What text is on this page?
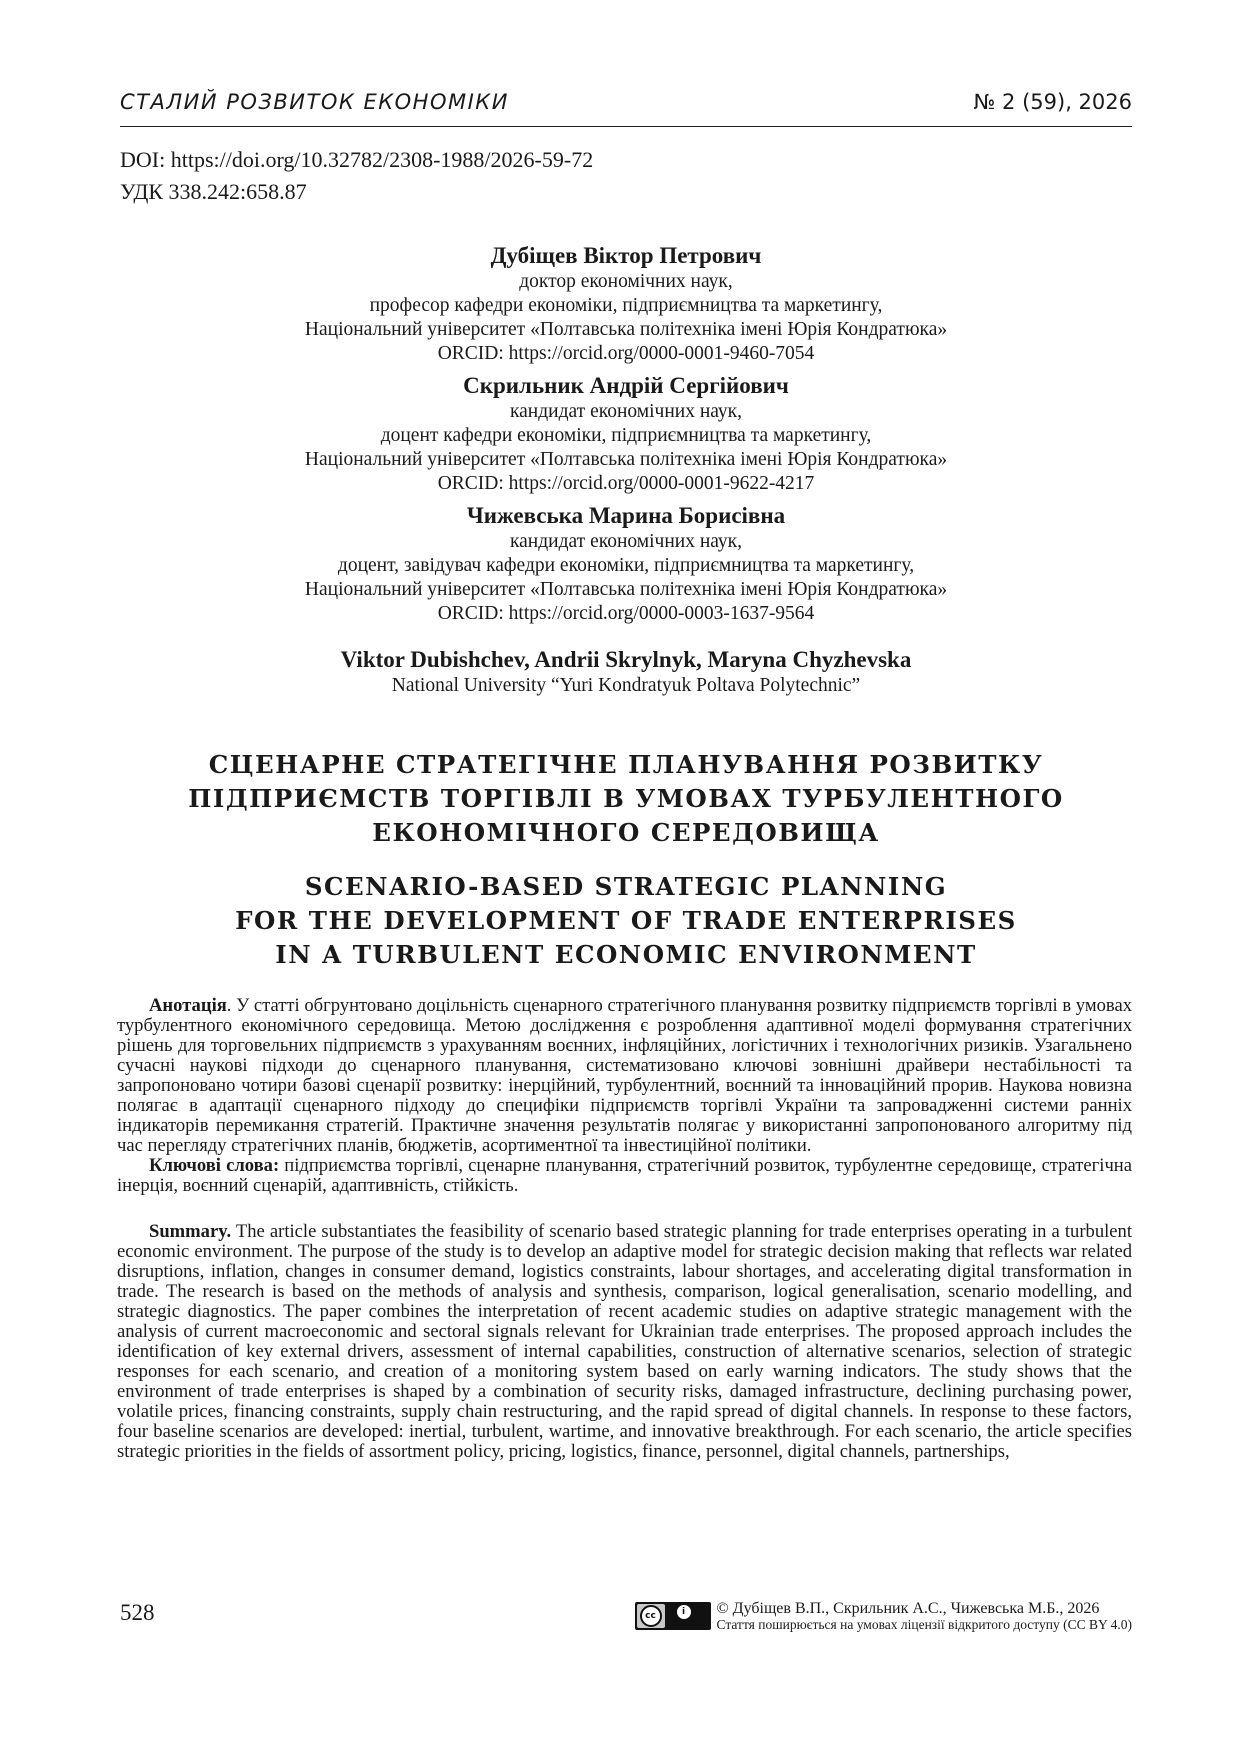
СТАЛИЙ РОЗВИТОК ЕКОНОМІКИ	№ 2 (59), 2026
DOI: https://doi.org/10.32782/2308-1988/2026-59-72
УДК 338.242:658.87
Дубіщев Віктор Петрович
доктор економічних наук,
професор кафедри економіки, підприємництва та маркетингу,
Національний університет «Полтавська політехніка імені Юрія Кондратюка»
ORCID: https://orcid.org/0000-0001-9460-7054
Скрильник Андрій Сергійович
кандидат економічних наук,
доцент кафедри економіки, підприємництва та маркетингу,
Національний університет «Полтавська політехніка імені Юрія Кондратюка»
ORCID: https://orcid.org/0000-0001-9622-4217
Чижевська Марина Борисівна
кандидат економічних наук,
доцент, завідувач кафедри економіки, підприємництва та маркетингу,
Національний університет «Полтавська політехніка імені Юрія Кондратюка»
ORCID: https://orcid.org/0000-0003-1637-9564
Viktor Dubishchev, Andrii Skrylnyk, Maryna Chyzhevska
National University “Yuri Kondratyuk Poltava Polytechnic”
СЦЕНАРНЕ СТРАТЕГІЧНЕ ПЛАНУВАННЯ РОЗВИТКУ
ПІДПРИЄМСТВ ТОРГІВЛІ В УМОВАХ ТУРБУЛЕНТНОГО
ЕКОНОМІЧНОГО СЕРЕДОВИЩА
SCENARIO-BASED STRATEGIC PLANNING
FOR THE DEVELOPMENT OF TRADE ENTERPRISES
IN A TURBULENT ECONOMIC ENVIRONMENT

Анотація. У статті обгрунтовано доцільність сценарного стратегічного планування розвитку підприємств торгівлі в умовах турбулентного економічного середовища. Метою дослідження є розроблення адаптивної моделі формування стратегічних рішень для торговельних підприємств з урахуванням воєнних, інфляційних, логістичних і технологічних ризиків. Узагальнено сучасні наукові підходи до сценарного планування, систематизовано ключові зовнішні драйвери нестабільності та запропоновано чотири базові сценарії розвитку: інерційний, турбулентний, воєнний та інноваційний прорив. Наукова новизна полягає в адаптації сценарного підходу до специфіки підприємств торгівлі України та запровадженні системи ранніх індикаторів перемикання стратегій. Практичне значення результатів полягає у використанні запропонованого алгоритму під час перегляду стратегічних планів, бюджетів, асортиментної та інвестиційної політики.

Ключові слова: підприємства торгівлі, сценарне планування, стратегічний розвиток, турбулентне середовище, стратегічна інерція, воєнний сценарій, адаптивність, стійкість.

Summary. The article substantiates the feasibility of scenario based strategic planning for trade enterprises operating in a turbulent economic environment. The purpose of the study is to develop an adaptive model for strategic decision making that reflects war related disruptions, inflation, changes in consumer demand, logistics constraints, labour shortages, and accelerating digital transformation in trade. The research is based on the methods of analysis and synthesis, comparison, logical generalisation, scenario modelling, and strategic diagnostics. The paper combines the interpretation of recent academic studies on adaptive strategic management with the analysis of current macroeconomic and sectoral signals relevant for Ukrainian trade enterprises. The proposed approach includes the identification of key external drivers, assessment of internal capabilities, construction of alternative scenarios, selection of strategic responses for each scenario, and creation of a monitoring system based on early warning indicators. The study shows that the environment of trade enterprises is shaped by a combination of security risks, damaged infrastructure, declining purchasing power, volatile prices, financing constraints, supply chain restructuring, and the rapid spread of digital channels. In response to these factors, four baseline scenarios are developed: inertial, turbulent, wartime, and innovative breakthrough. For each scenario, the article specifies strategic priorities in the fields of assortment policy, pricing, logistics, finance, personnel, digital channels, partnerships,

528	cc	i	© Дубіщев В.П., Скрильник А.С., Чижевська М.Б., 2026
Стаття поширюється на умовах ліцензії відкритого доступу (CC BY 4.0)
